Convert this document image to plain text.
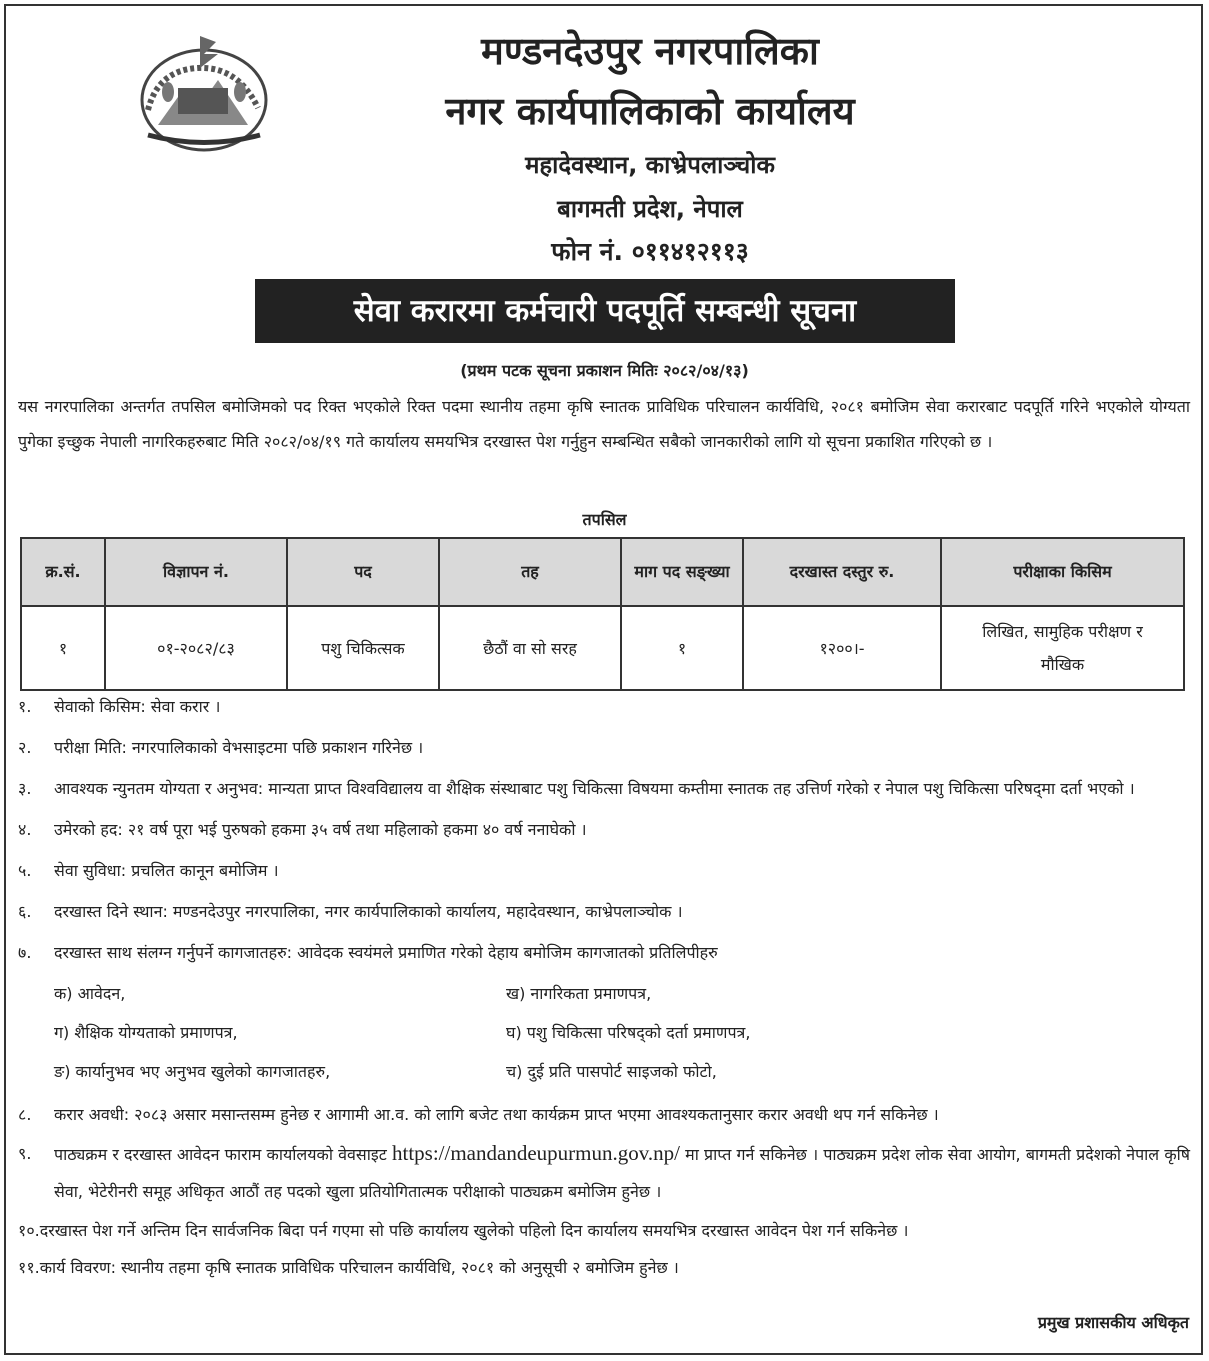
मण्डनदेउपुर नगरपालिका
नगर कार्यपालिकाको कार्यालय
महादेवस्थान, काभ्रेपलाञ्चोक
बागमती प्रदेश, नेपाल
फोन नं. ०११४१२११३
सेवा करारमा कर्मचारी पदपूर्ति सम्बन्धी सूचना
(प्रथम पटक सूचना प्रकाशन मितिः २०८२/०४/१३)
यस नगरपालिका अन्तर्गत तपसिल बमोजिमको पद रिक्त भएकोले रिक्त पदमा स्थानीय तहमा कृषि स्नातक प्राविधिक परिचालन कार्यविधि, २०८१ बमोजिम सेवा करारबाट पदपूर्ति गरिने भएकोले योग्यता पुगेका इच्छुक नेपाली नागरिकहरुबाट मिति २०८२/०४/१९ गते कार्यालय समयभित्र दरखास्त पेश गर्नुहुन सम्बन्धित सबैको जानकारीको लागि यो सूचना प्रकाशित गरिएको छ ।
तपसिल
क्र.सं.	विज्ञापन नं.	पद	तह	माग पद सङ्ख्या	दरखास्त दस्तुर रु.	परीक्षाका किसिम
१	०१-२०८२/८३	पशु चिकित्सक	छैठौं वा सो सरह	१	१२००।-	लिखित, सामुहिक परीक्षण र मौखिक
१.	सेवाको किसिम: सेवा करार ।
२.	परीक्षा मिति: नगरपालिकाको वेभसाइटमा पछि प्रकाशन गरिनेछ ।
३.	आवश्यक न्युनतम योग्यता र अनुभव: मान्यता प्राप्त विश्वविद्यालय वा शैक्षिक संस्थाबाट पशु चिकित्सा विषयमा कम्तीमा स्नातक तह उत्तिर्ण गरेको र नेपाल पशु चिकित्सा परिषद्‌मा दर्ता भएको ।
४.	उमेरको हद: २१ वर्ष पूरा भई पुरुषको हकमा ३५ वर्ष तथा महिलाको हकमा ४० वर्ष ननाघेको ।
५.	सेवा सुविधा: प्रचलित कानून बमोजिम ।
६.	दरखास्त दिने स्थान: मण्डनदेउपुर नगरपालिका, नगर कार्यपालिकाको कार्यालय, महादेवस्थान, काभ्रेपलाञ्चोक ।
७.	दरखास्त साथ संलग्न गर्नुपर्ने कागजातहरु: आवेदक स्वयंमले प्रमाणित गरेको देहाय बमोजिम कागजातको प्रतिलिपीहरु
क) आवेदन,	ख) नागरिकता प्रमाणपत्र,
ग) शैक्षिक योग्यताको प्रमाणपत्र,	घ) पशु चिकित्सा परिषद्‌को दर्ता प्रमाणपत्र,
ङ) कार्यानुभव भए अनुभव खुलेको कागजातहरु,	च) दुई प्रति पासपोर्ट साइजको फोटो,
८.	करार अवधी: २०८३ असार मसान्तसम्म हुनेछ र आगामी आ.व. को लागि बजेट तथा कार्यक्रम प्राप्त भएमा आवश्यकतानुसार करार अवधी थप गर्न सकिनेछ ।
९.	पाठ्यक्रम र दरखास्त आवेदन फाराम कार्यालयको वेवसाइट https://mandandeupurmun.gov.np/ मा प्राप्त गर्न सकिनेछ । पाठ्यक्रम प्रदेश लोक सेवा आयोग, बागमती प्रदेशको नेपाल कृषि सेवा, भेटेरीनरी समूह अधिकृत आठौं तह पदको खुला प्रतियोगितात्मक परीक्षाको पाठ्यक्रम बमोजिम हुनेछ ।
१०. दरखास्त पेश गर्ने अन्तिम दिन सार्वजनिक बिदा पर्न गएमा सो पछि कार्यालय खुलेको पहिलो दिन कार्यालय समयभित्र दरखास्त आवेदन पेश गर्न सकिनेछ ।
११. कार्य विवरण: स्थानीय तहमा कृषि स्नातक प्राविधिक परिचालन कार्यविधि, २०८१ को अनुसूची २ बमोजिम हुनेछ ।
प्रमुख प्रशासकीय अधिकृत
